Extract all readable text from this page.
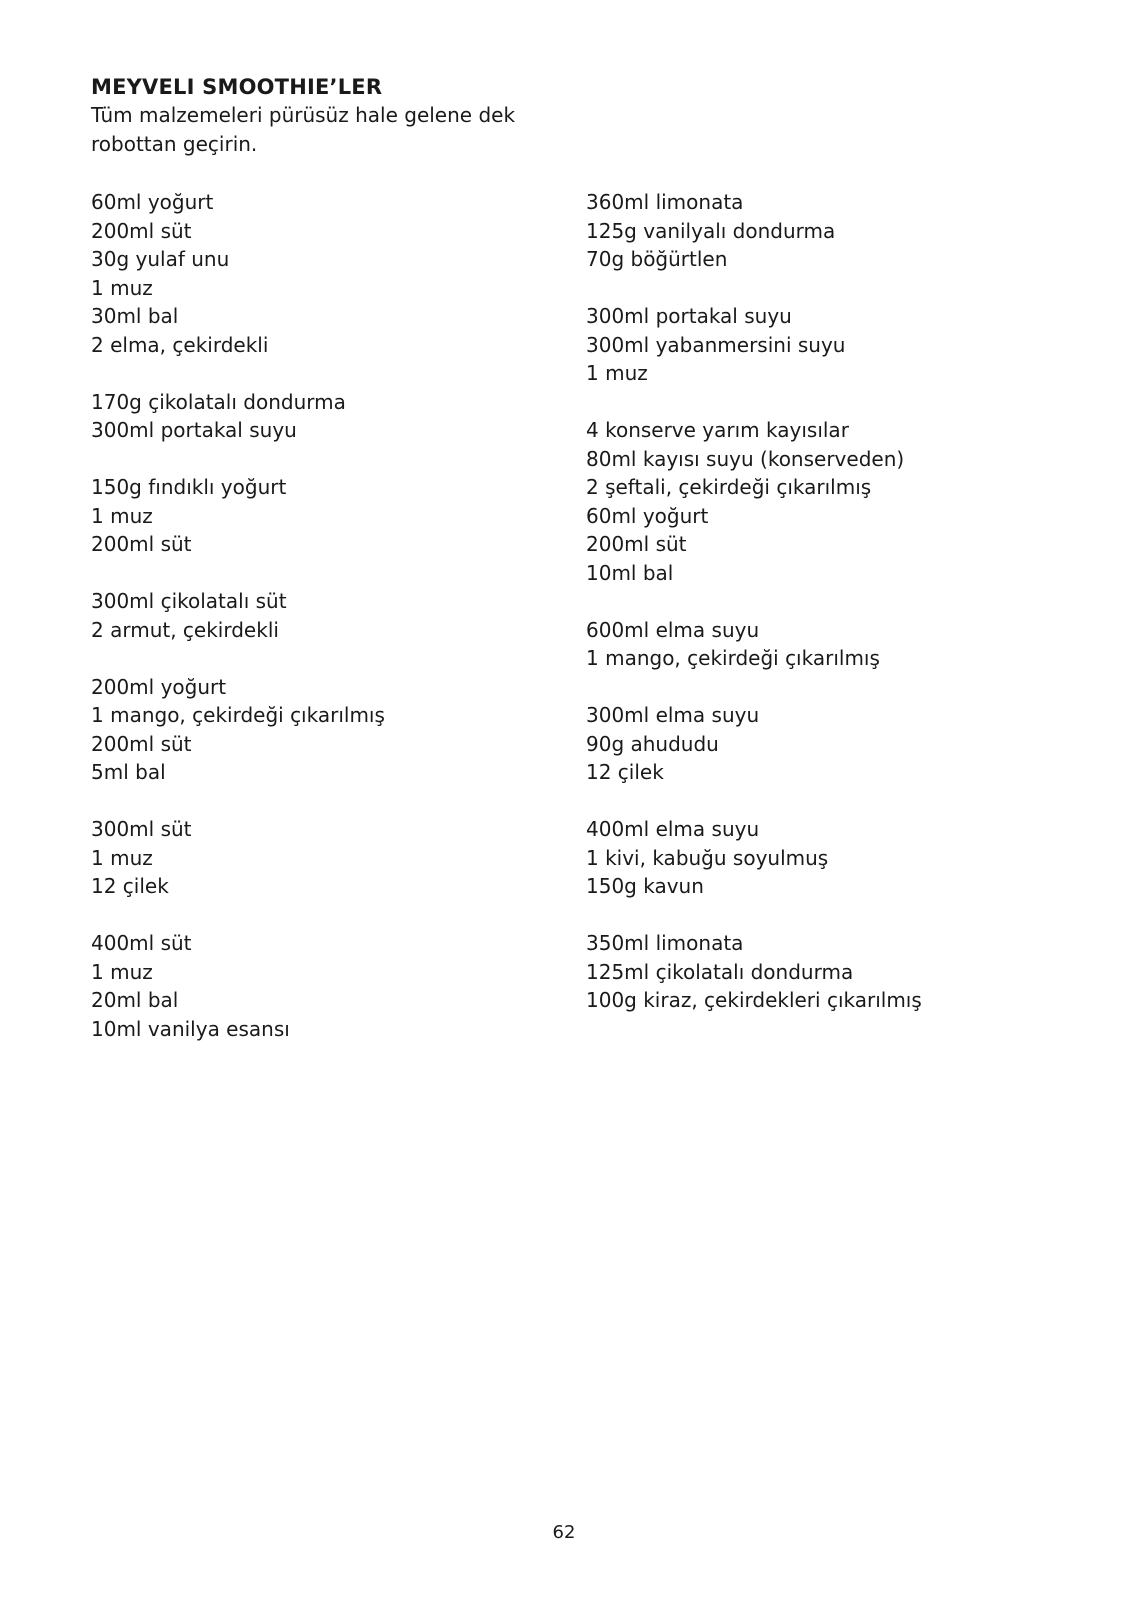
MEYVELI SMOOTHIE’LER

Tüm malzemeleri pürüsüz hale gelene dek robottan geçirin.

60ml yoğurt
200ml süt
30g yulaf unu
1 muz
30ml bal
2 elma, çekirdekli
170g çikolatalı dondurma
300ml portakal suyu
150g fındıklı yoğurt
1 muz
200ml süt
300ml çikolatalı süt
2 armut, çekirdekli
200ml yoğurt
1 mango, çekirdeği çıkarılmış
200ml süt
5ml bal
300ml süt
1 muz
12 çilek
400ml süt
1 muz
20ml bal
10ml vanilya esansı
360ml limonata
125g vanilyalı dondurma
70g böğürtlen
300ml portakal suyu
300ml yabanmersini suyu
1 muz
4 konserve yarım kayısılar
80ml kayısı suyu (konserveden)
2 şeftali, çekirdeği çıkarılmış
60ml yoğurt
200ml süt
10ml bal
600ml elma suyu
1 mango, çekirdeği çıkarılmış
300ml elma suyu
90g ahududu
12 çilek
400ml elma suyu
1 kivi, kabuğu soyulmuş
150g kavun
350ml limonata
125ml çikolatalı dondurma
100g kiraz, çekirdekleri çıkarılmış
62
